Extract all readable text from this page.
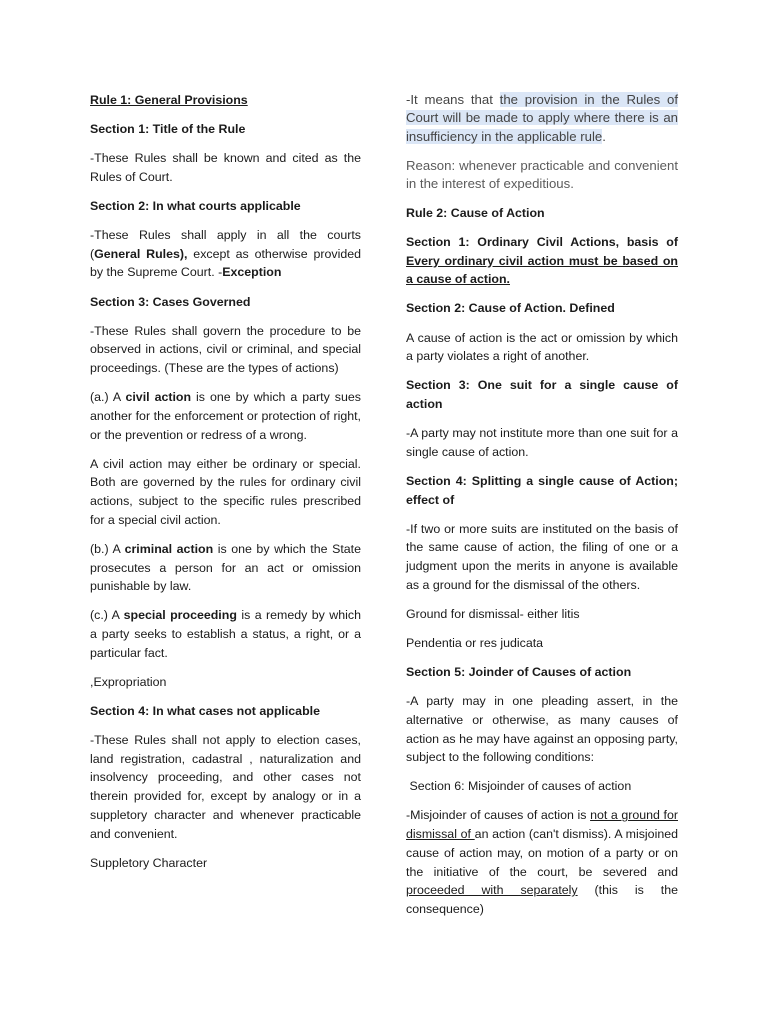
Rule 1: General Provisions

Section 1: Title of the Rule

-These Rules shall be known and cited as the Rules of Court.

Section 2: In what courts applicable

-These Rules shall apply in all the courts (General Rules), except as otherwise provided by the Supreme Court. -Exception

Section 3: Cases Governed

-These Rules shall govern the procedure to be observed in actions, civil or criminal, and special proceedings. (These are the types of actions)

(a.) A civil action is one by which a party sues another for the enforcement or protection of right, or the prevention or redress of a wrong.

A civil action may either be ordinary or special. Both are governed by the rules for ordinary civil actions, subject to the specific rules prescribed for a special civil action.

(b.) A criminal action is one by which the State prosecutes a person for an act or omission punishable by law.

(c.) A special proceeding is a remedy by which a party seeks to establish a status, a right, or a particular fact.

,Expropriation

Section 4: In what cases not applicable

-These Rules shall not apply to election cases, land registration, cadastral , naturalization and insolvency proceeding, and other cases not therein provided for, except by analogy or in a suppletory character and whenever practicable and convenient.

Suppletory Character

-It means that the provision in the Rules of Court will be made to apply where there is an insufficiency in the applicable rule.

Reason: whenever practicable and convenient in the interest of expeditious.

Rule 2: Cause of Action

Section 1: Ordinary Civil Actions, basis of Every ordinary civil action must be based on a cause of action.

Section 2: Cause of Action. Defined

A cause of action is the act or omission by which a party violates a right of another.

Section 3: One suit for a single cause of action

-A party may not institute more than one suit for a single cause of action.

Section 4: Splitting a single cause of Action; effect of

-If two or more suits are instituted on the basis of the same cause of action, the filing of one or a judgment upon the merits in anyone is available as a ground for the dismissal of the others.

Ground for dismissal- either litis

Pendentia or res judicata

Section 5: Joinder of Causes of action

-A party may in one pleading assert, in the alternative or otherwise, as many causes of action as he may have against an opposing party, subject to the following conditions:

Section 6: Misjoinder of causes of action

-Misjoinder of causes of action is not a ground for dismissal of an action (can't dismiss). A misjoined cause of action may, on motion of a party or on the initiative of the court, be severed and proceeded with separately (this is the consequence)
